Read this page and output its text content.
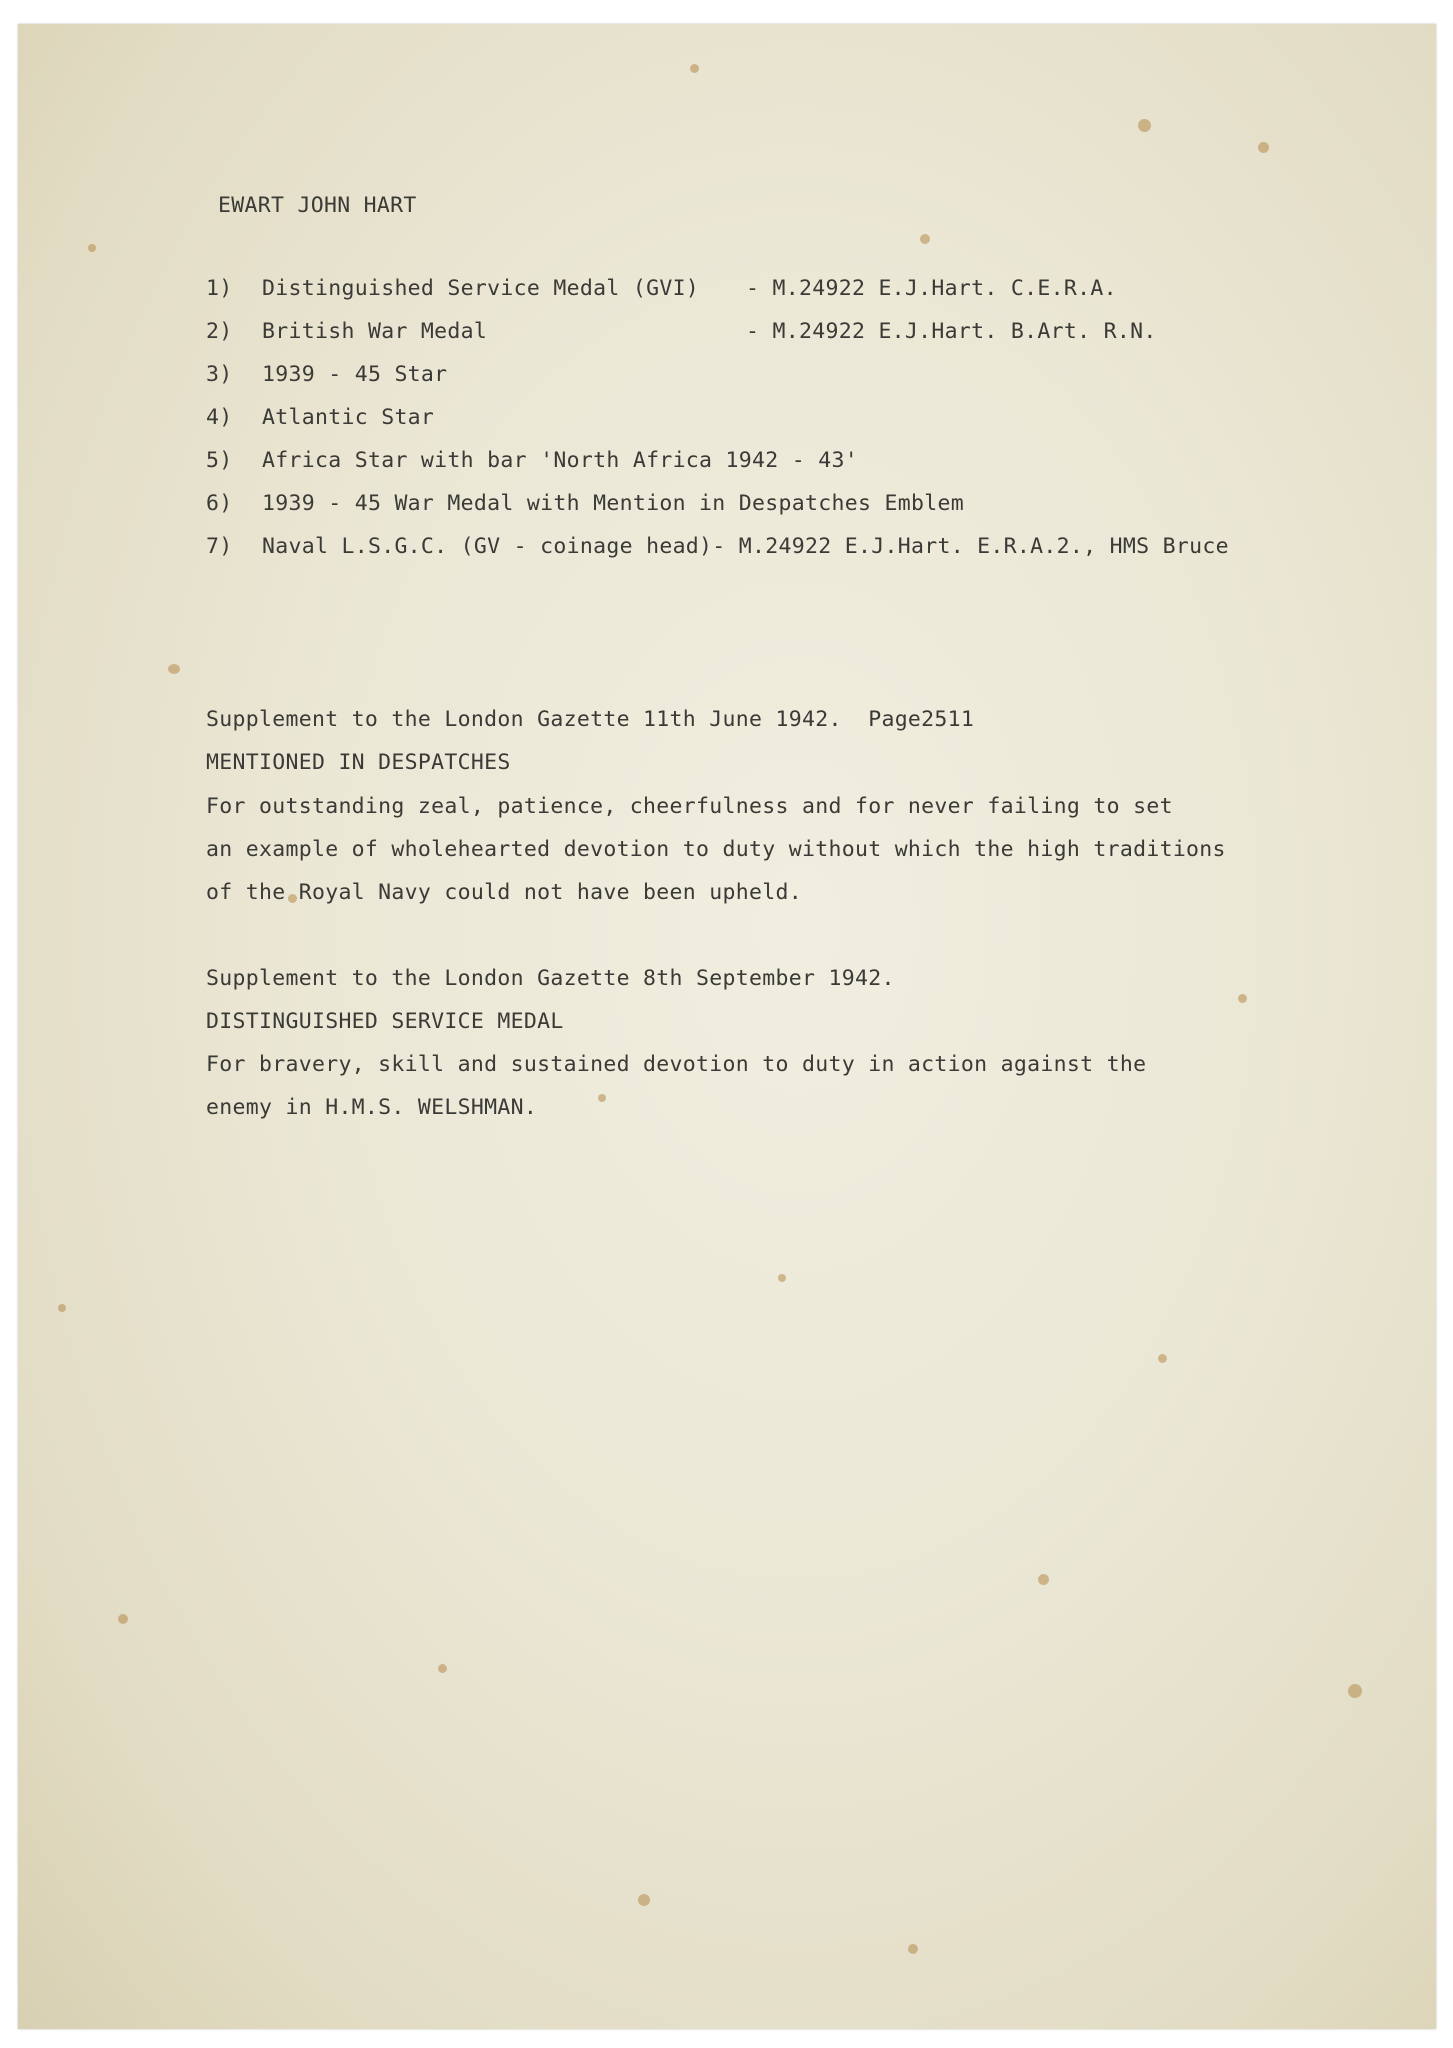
EWART JOHN HART
1) Distinguished Service Medal (GVI) - M.24922 E.J.Hart. C.E.R.A.
2) British War Medal	- M.24922 E.J.Hart. B.Art. R.N.
3) 1939 - 45 Star
4) Atlantic Star
5) Africa Star with bar 'North Africa 1942 - 43'
6) 1939 - 45 War Medal with Mention in Despatches Emblem
7) Naval L.S.G.C. (GV - coinage head)- M.24922 E.J.Hart. E.R.A.2., HMS Bruce
Supplement to the London Gazette 11th June 1942.  Page2511
MENTIONED IN DESPATCHES
For outstanding zeal, patience, cheerfulness and for never failing to set
an example of wholehearted devotion to duty without which the high traditions
of the Royal Navy could not have been upheld.
Supplement to the London Gazette 8th September 1942.
DISTINGUISHED SERVICE MEDAL
For bravery, skill and sustained devotion to duty in action against the
enemy in H.M.S. WELSHMAN.
